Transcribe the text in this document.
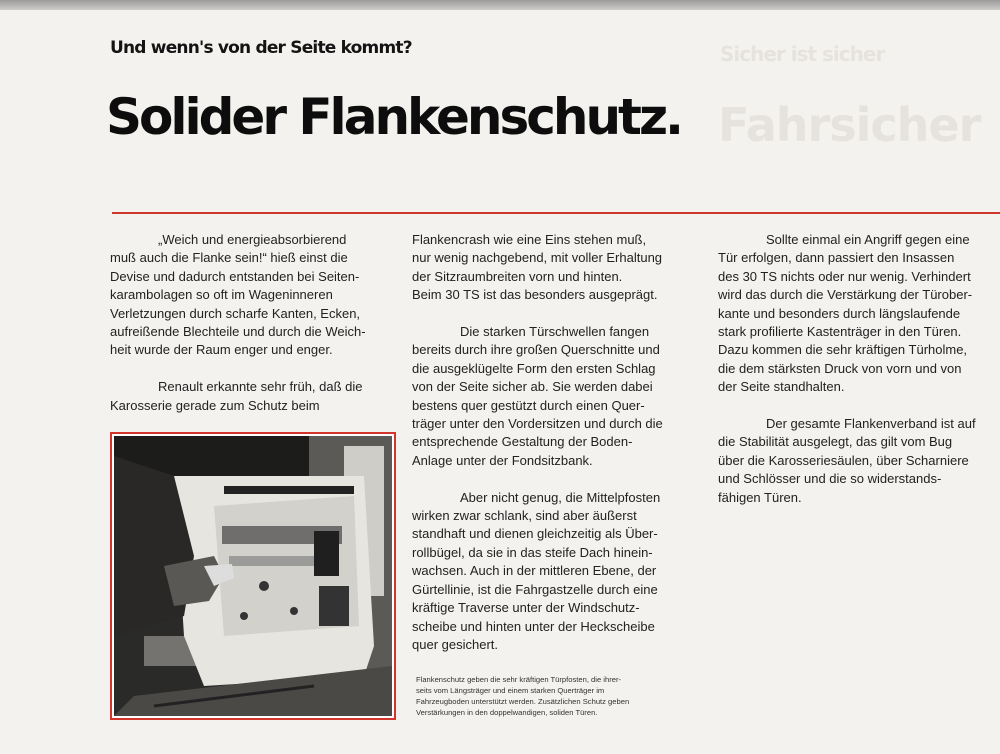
Sicher ist sicher
Fahrsicher
Und wenn's von der Seite kommt?
Solider Flankenschutz.

„Weich und energieabsorbierend
muß auch die Flanke sein!“ hieß einst die
Devise und dadurch entstanden bei Seiten-
karambolagen so oft im Wageninneren
Verletzungen durch scharfe Kanten, Ecken,
aufreißende Blechteile und durch die Weich-
heit wurde der Raum enger und enger.

Renault erkannte sehr früh, daß die
Karosserie gerade zum Schutz beim

Flankencrash wie eine Eins stehen muß,
nur wenig nachgebend, mit voller Erhaltung
der Sitzraumbreiten vorn und hinten.
Beim 30 TS ist das besonders ausgeprägt.

Die starken Türschwellen fangen
bereits durch ihre großen Querschnitte und
die ausgeklügelte Form den ersten Schlag
von der Seite sicher ab. Sie werden dabei
bestens quer gestützt durch einen Quer-
träger unter den Vordersitzen und durch die
entsprechende Gestaltung der Boden-
Anlage unter der Fondsitzbank.

Aber nicht genug, die Mittelpfosten
wirken zwar schlank, sind aber äußerst
standhaft und dienen gleichzeitig als Über-
rollbügel, da sie in das steife Dach hinein-
wachsen. Auch in der mittleren Ebene, der
Gürtellinie, ist die Fahrgastzelle durch eine
kräftige Traverse unter der Windschutz-
scheibe und hinten unter der Heckscheibe
quer gesichert.

Sollte einmal ein Angriff gegen eine
Tür erfolgen, dann passiert den Insassen
des 30 TS nichts oder nur wenig. Verhindert
wird das durch die Verstärkung der Türober-
kante und besonders durch längslaufende
stark profilierte Kastenträger in den Türen.
Dazu kommen die sehr kräftigen Türholme,
die dem stärksten Druck von vorn und von
der Seite standhalten.

Der gesamte Flankenverband ist auf
die Stabilität ausgelegt, das gilt vom Bug
über die Karosseriesäulen, über Scharniere
und Schlösser und die so widerstands-
fähigen Türen.

Flankenschutz geben die sehr kräftigen Türpfosten, die ihrer-
seits vom Längsträger und einem starken Querträger im
Fahrzeugboden unterstützt werden. Zusätzlichen Schutz geben
Verstärkungen in den doppelwandigen, soliden Türen.
